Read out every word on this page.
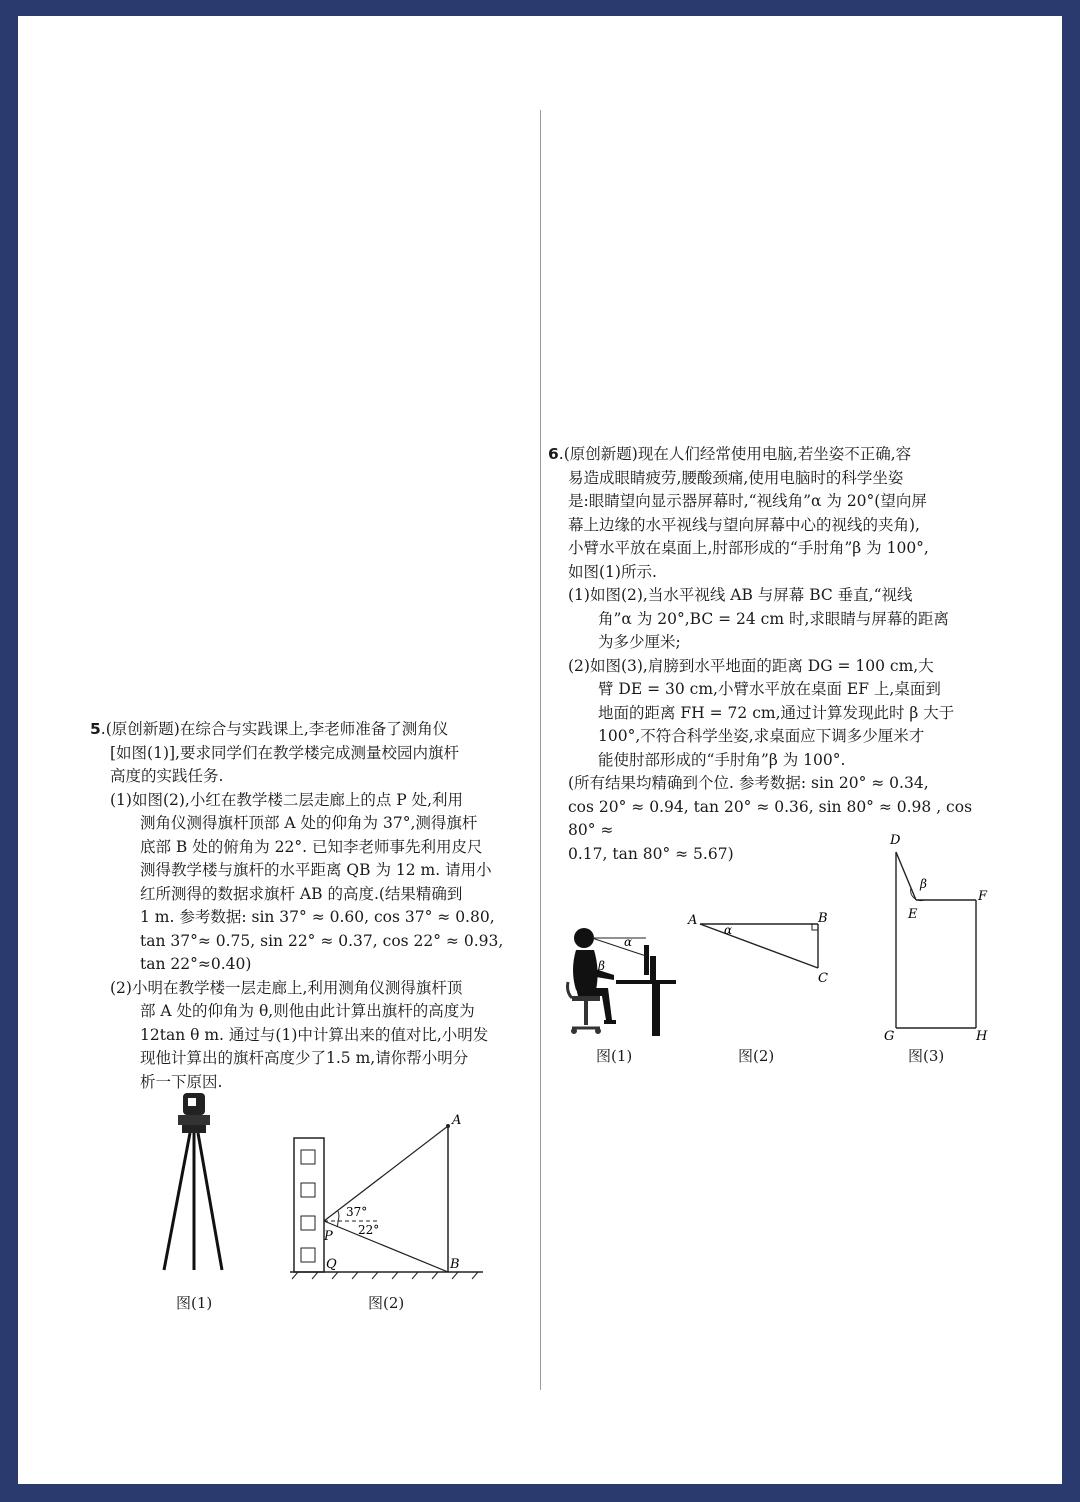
5.(原创新题)在综合与实践课上,李老师准备了测角仪

[如图(1)],要求同学们在教学楼完成测量校园内旗杆

高度的实践任务.

(1)如图(2),小红在教学楼二层走廊上的点 P 处,利用

测角仪测得旗杆顶部 A 处的仰角为 37°,测得旗杆

底部 B 处的俯角为 22°. 已知李老师事先利用皮尺

测得教学楼与旗杆的水平距离 QB 为 12 m. 请用小

红所测得的数据求旗杆 AB 的高度.(结果精确到

1 m. 参考数据: sin 37° ≈ 0.60, cos 37° ≈ 0.80,

tan 37°≈ 0.75, sin 22° ≈ 0.37, cos 22° ≈ 0.93,

tan 22°≈0.40)

(2)小明在教学楼一层走廊上,利用测角仪测得旗杆顶

部 A 处的仰角为 θ,则他由此计算出旗杆的高度为

12tan θ m. 通过与(1)中计算出来的值对比,小明发

现他计算出的旗杆高度少了1.5 m,请你帮小明分

析一下原因.

图(1)
A
B
P
Q
37°
22°
图(2)

6.(原创新题)现在人们经常使用电脑,若坐姿不正确,容

易造成眼睛疲劳,腰酸颈痛,使用电脑时的科学坐姿

是:眼睛望向显示器屏幕时,“视线角”α 为 20°(望向屏

幕上边缘的水平视线与望向屏幕中心的视线的夹角),

小臂水平放在桌面上,肘部形成的“手肘角”β 为 100°,

如图(1)所示.

(1)如图(2),当水平视线 AB 与屏幕 BC 垂直,“视线

角”α 为 20°,BC = 24 cm 时,求眼睛与屏幕的距离

为多少厘米;

(2)如图(3),肩膀到水平地面的距离 DG = 100 cm,大

臂 DE = 30 cm,小臂水平放在桌面 EF 上,桌面到

地面的距离 FH = 72 cm,通过计算发现此时 β 大于

100°,不符合科学坐姿,求桌面应下调多少厘米才

能使肘部形成的“手肘角”β 为 100°.

(所有结果均精确到个位. 参考数据: sin 20° ≈ 0.34,

cos 20° ≈ 0.94, tan 20° ≈ 0.36, sin 80° ≈ 0.98 , cos 80° ≈

0.17, tan 80° ≈ 5.67)

α
β
图(1)
A	B
C
α
图(2)
D
E
F
G	H
β
图(3)
